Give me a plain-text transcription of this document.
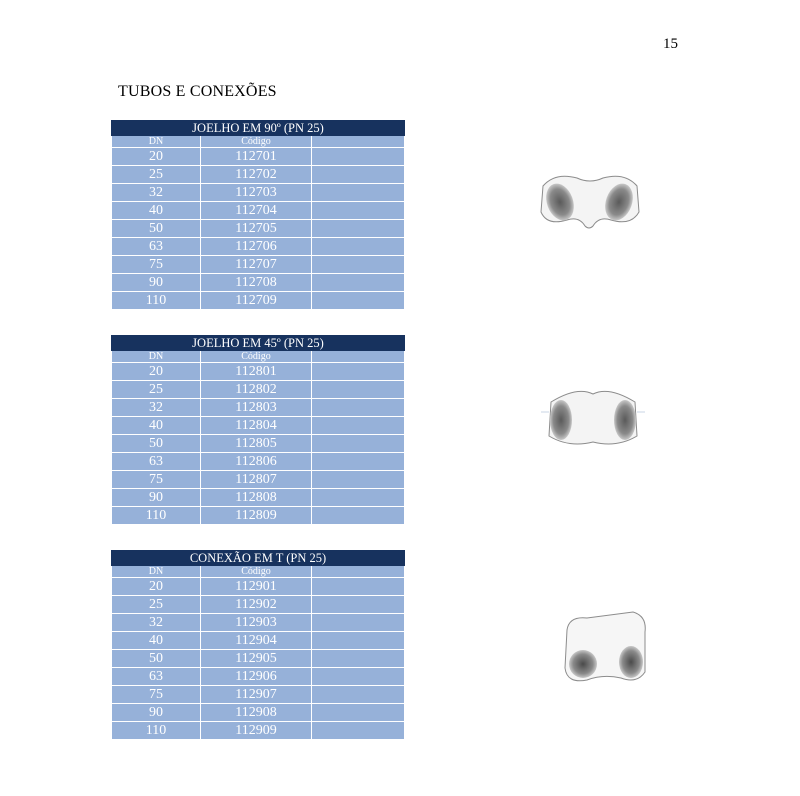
15
TUBOS E CONEXÕES
JOELHO EM 90º (PN 25)		
DN	Código	
20	112701	
25	112702	
32	112703	
40	112704	
50	112705	
63	112706	
75	112707	
90	112708	
110	112709	
JOELHO EM 45º (PN 25)		
DN	Código	
20	112801	
25	112802	
32	112803	
40	112804	
50	112805	
63	112806	
75	112807	
90	112808	
110	112809	
CONEXÃO EM T (PN 25)		
DN	Código	
20	112901	
25	112902	
32	112903	
40	112904	
50	112905	
63	112906	
75	112907	
90	112908	
110	112909	
